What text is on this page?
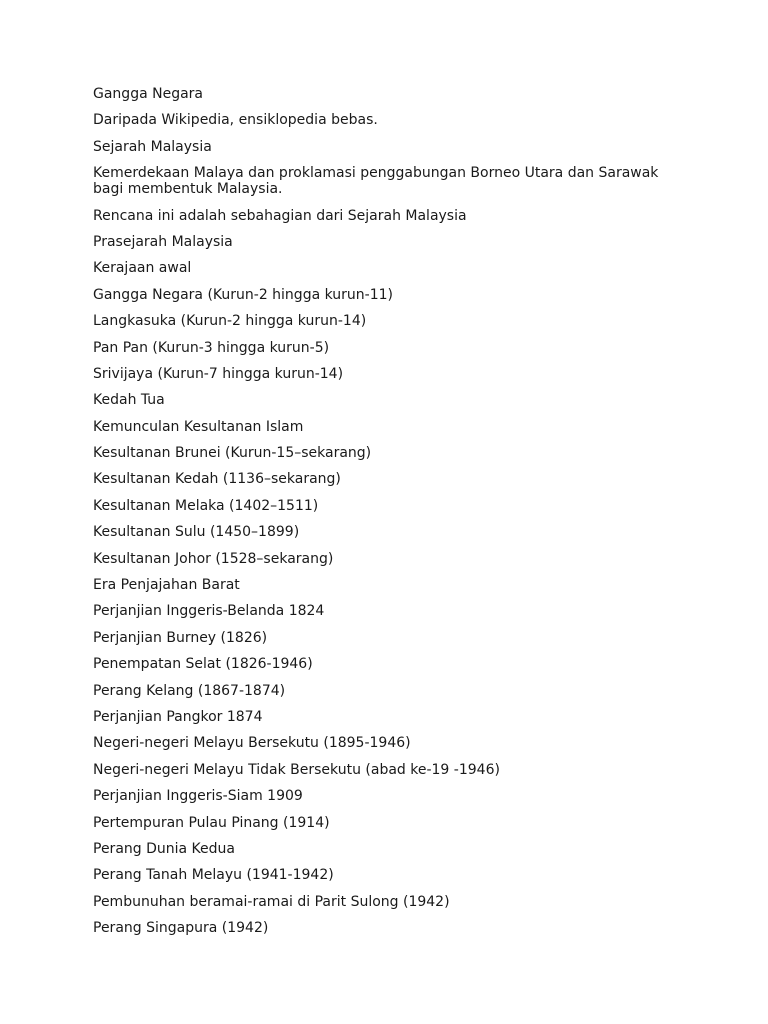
Gangga Negara

Daripada Wikipedia, ensiklopedia bebas.

Sejarah Malaysia

Kemerdekaan Malaya dan proklamasi penggabungan Borneo Utara dan Sarawak bagi membentuk Malaysia.

Rencana ini adalah sebahagian dari Sejarah Malaysia

Prasejarah Malaysia

Kerajaan awal

Gangga Negara (Kurun-2 hingga kurun-11)

Langkasuka (Kurun-2 hingga kurun-14)

Pan Pan (Kurun-3 hingga kurun-5)

Srivijaya (Kurun-7 hingga kurun-14)

Kedah Tua

Kemunculan Kesultanan Islam

Kesultanan Brunei (Kurun-15–sekarang)

Kesultanan Kedah (1136–sekarang)

Kesultanan Melaka (1402–1511)

Kesultanan Sulu (1450–1899)

Kesultanan Johor (1528–sekarang)

Era Penjajahan Barat

Perjanjian Inggeris-Belanda 1824

Perjanjian Burney (1826)

Penempatan Selat (1826-1946)

Perang Kelang (1867-1874)

Perjanjian Pangkor 1874

Negeri-negeri Melayu Bersekutu (1895-1946)

Negeri-negeri Melayu Tidak Bersekutu (abad ke-19 -1946)

Perjanjian Inggeris-Siam 1909

Pertempuran Pulau Pinang (1914)

Perang Dunia Kedua

Perang Tanah Melayu (1941-1942)

Pembunuhan beramai-ramai di Parit Sulong (1942)

Perang Singapura (1942)
